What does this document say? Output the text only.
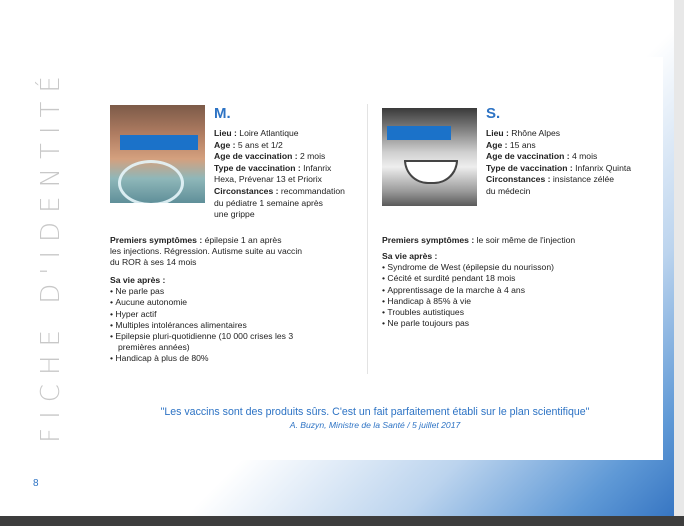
FICHE D'IDENTITÉ	M.
Lieu : Loire Atlantique
Age : 5 ans et 1/2
Age de vaccination : 2 mois
Type de vaccination : Infanrix
Hexa, Prévenar 13 et Priorix
Circonstances : recommandation
du pédiatre 1 semaine après
une grippe
Premiers symptômes : épilepsie 1 an après
les injections. Régression. Autisme suite au vaccin
du ROR à ses 14 mois
Sa vie après :
• Ne parle pas
• Aucune autonomie
• Hyper actif
• Multiples intolérances alimentaires
• Epilepsie pluri-quotidienne (10 000 crises les 3 premières années)
• Handicap à plus de 80%
S.
Lieu : Rhône Alpes
Age : 15 ans
Age de vaccination : 4 mois
Type de vaccination : Infanrix Quinta
Circonstances : insistance zélée
du médecin
Premiers symptômes : le soir même de l'injection
Sa vie après :
• Syndrome de West (épilepsie du nourisson)
• Cécité et surdité pendant 18 mois
• Apprentissage de la marche à 4 ans
• Handicap à 85% à vie
• Troubles autistiques
• Ne parle toujours pas
"Les vaccins sont des produits sûrs. C'est un fait parfaitement établi sur le plan scientifique"
A. Buzyn, Ministre de la Santé / 5 juillet 2017
8
